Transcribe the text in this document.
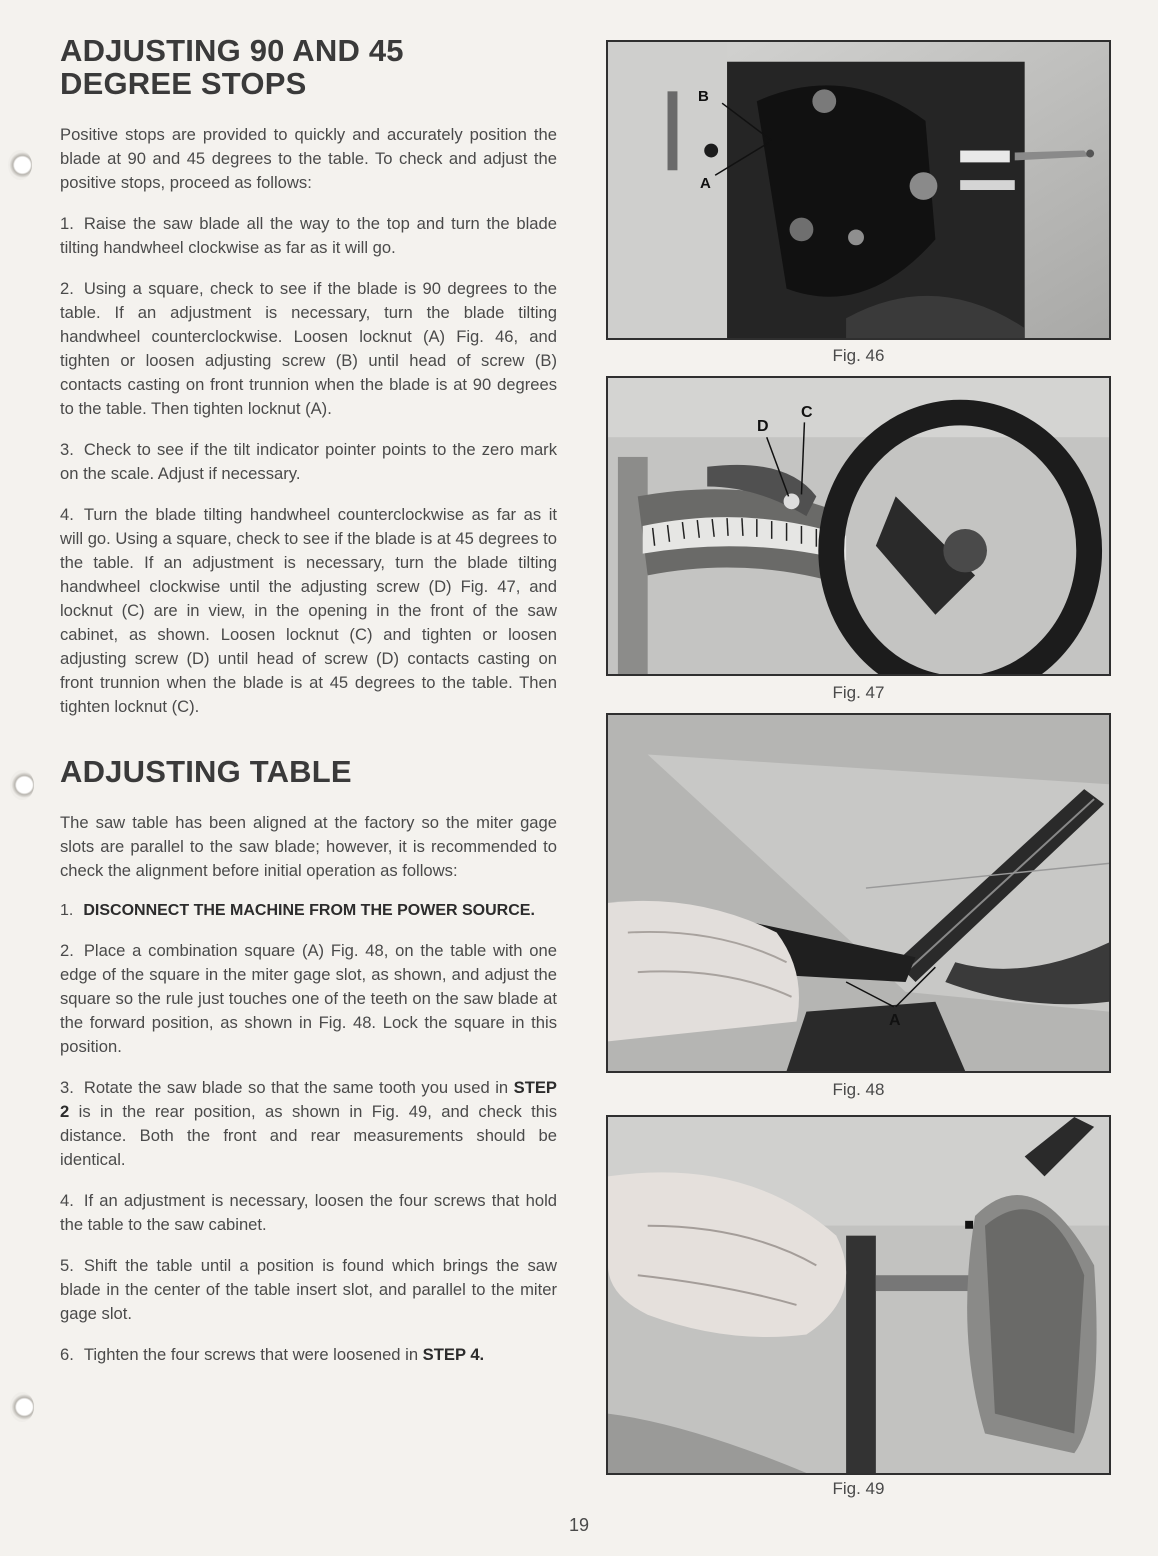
ADJUSTING 90 AND 45
DEGREE STOPS

Positive stops are provided to quickly and accurately position the blade at 90 and 45 degrees to the table. To check and adjust the positive stops, proceed as follows:

1. Raise the saw blade all the way to the top and turn the blade tilting handwheel clockwise as far as it will go.

2. Using a square, check to see if the blade is 90 degrees to the table. If an adjustment is necessary, turn the blade tilting handwheel counterclockwise. Loosen locknut (A) Fig. 46, and tighten or loosen adjusting screw (B) until head of screw (B) contacts casting on front trunnion when the blade is at 90 degrees to the table. Then tighten locknut (A).

3. Check to see if the tilt indicator pointer points to the zero mark on the scale. Adjust if necessary.

4. Turn the blade tilting handwheel counterclockwise as far as it will go. Using a square, check to see if the blade is at 45 degrees to the table. If an adjustment is necessary, turn the blade tilting handwheel clockwise until the adjusting screw (D) Fig. 47, and locknut (C) are in view, in the opening in the front of the saw cabinet, as shown. Loosen locknut (C) and tighten or loosen adjusting screw (D) until head of screw (D) contacts casting on front trunnion when the blade is at 45 degrees to the table. Then tighten locknut (C).

ADJUSTING TABLE

The saw table has been aligned at the factory so the miter gage slots are parallel to the saw blade; however, it is recommended to check the alignment before initial operation as follows:

1. DISCONNECT THE MACHINE FROM THE POWER SOURCE.

2. Place a combination square (A) Fig. 48, on the table with one edge of the square in the miter gage slot, as shown, and adjust the square so the rule just touches one of the teeth on the saw blade at the forward position, as shown in Fig. 48. Lock the square in this position.

3. Rotate the saw blade so that the same tooth you used in STEP 2 is in the rear position, as shown in Fig. 49, and check this distance. Both the front and rear measurements should be identical.

4. If an adjustment is necessary, loosen the four screws that hold the table to the saw cabinet.

5. Shift the table until a position is found which brings the saw blade in the center of the table insert slot, and parallel to the miter gage slot.

6. Tighten the four screws that were loosened in STEP 4.

B
A
Fig. 46
D
C
Fig. 47
A
Fig. 48
Fig. 49
19
